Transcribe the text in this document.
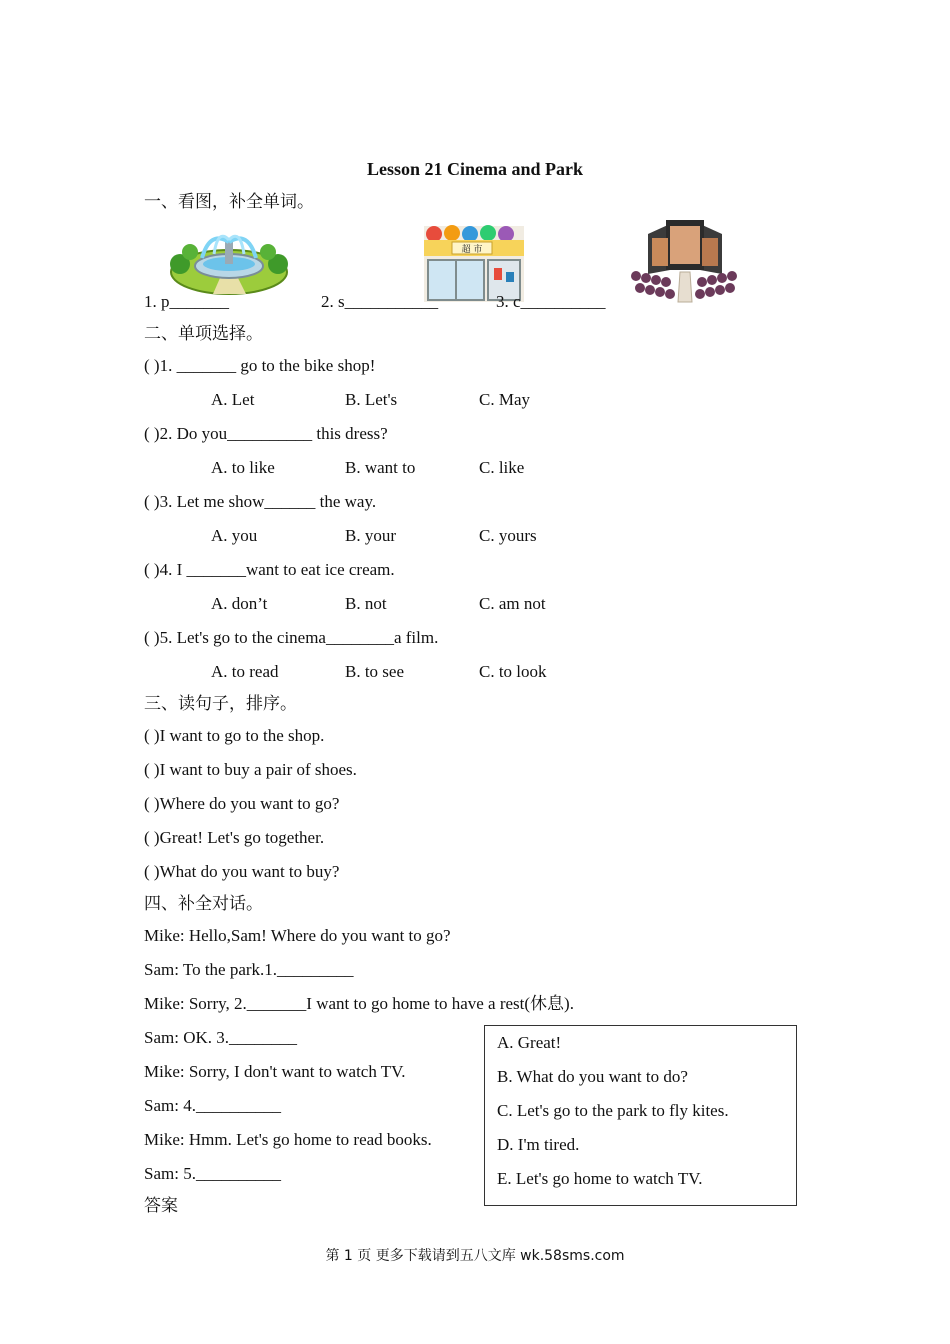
Lesson 21 Cinema and Park
一、看图，补全单词。
超 市
1. p_______	2. s___________	3. c__________
二、单项选择。
( )1. _______ go to the bike shop!
A. Let	B. Let's	C. May
( )2. Do you__________ this dress?
A. to like	B. want to	C. like
( )3. Let me show______ the way.
A. you	B. your	C. yours
( )4. I _______want to eat ice cream.
A. don’t	B. not	C. am not
( )5. Let's go to the cinema________a film.
A. to read	B. to see	C. to look
三、读句子，排序。
( )I want to go to the shop.
( )I want to buy a pair of shoes.
( )Where do you want to go?
( )Great! Let's go together.
( )What do you want to buy?
四、补全对话。
Mike: Hello,Sam! Where do you want to go?
Sam: To the park.1._________
Mike: Sorry, 2._______I want to go home to have a rest(休息).
Sam: OK. 3.________
Mike: Sorry, I don't want to watch TV.
Sam: 4.__________
Mike: Hmm. Let's go home to read books.
Sam: 5.__________
A. Great!
B. What do you want to do?
C. Let's go to the park to fly kites.
D. I'm tired.
E. Let's go home to watch TV.
答案
第 1 页 更多下载请到五八文库 wk.58sms.com
